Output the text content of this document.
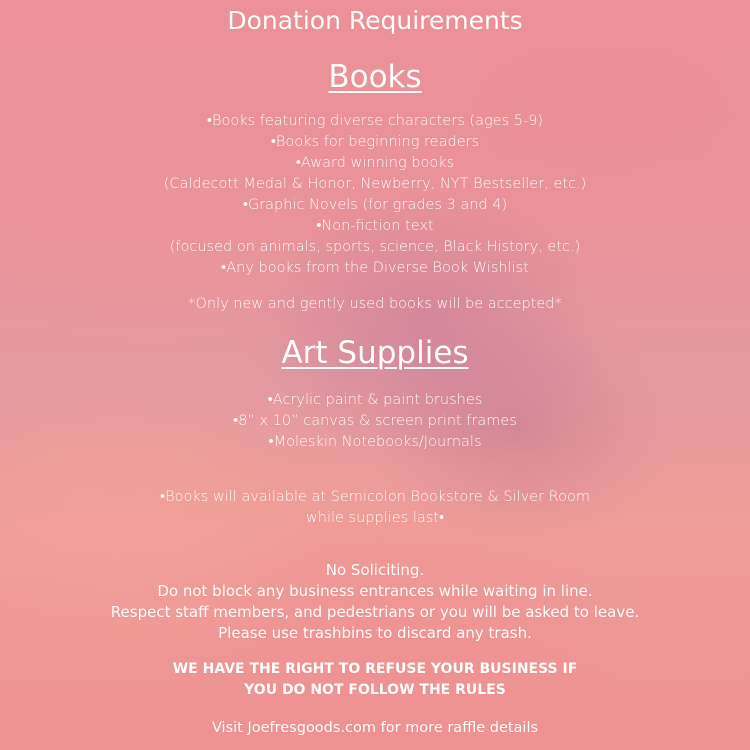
Donation Requirements
Books
•Books featuring diverse characters (ages 5-9)
•Books for beginning readers
•Award winning books
(Caldecott Medal & Honor, Newberry, NYT Bestseller, etc.)
•Graphic Novels (for grades 3 and 4)
•Non-fiction text
(focused on animals, sports, science, Black History, etc.)
•Any books from the Diverse Book Wishlist
*Only new and gently used books will be accepted*
Art Supplies
•Acrylic paint & paint brushes
•8” x 10” canvas & screen print frames
•Moleskin Notebooks/Journals
•Books will available at Semicolon Bookstore & Silver Room
while supplies last•
No Soliciting.
Do not block any business entrances while waiting in line.
Respect staff members, and pedestrians or you will be asked to leave.
Please use trashbins to discard any trash.
WE HAVE THE RIGHT TO REFUSE YOUR BUSINESS IF
YOU DO NOT FOLLOW THE RULES
Visit Joefresgoods.com for more raffle details
